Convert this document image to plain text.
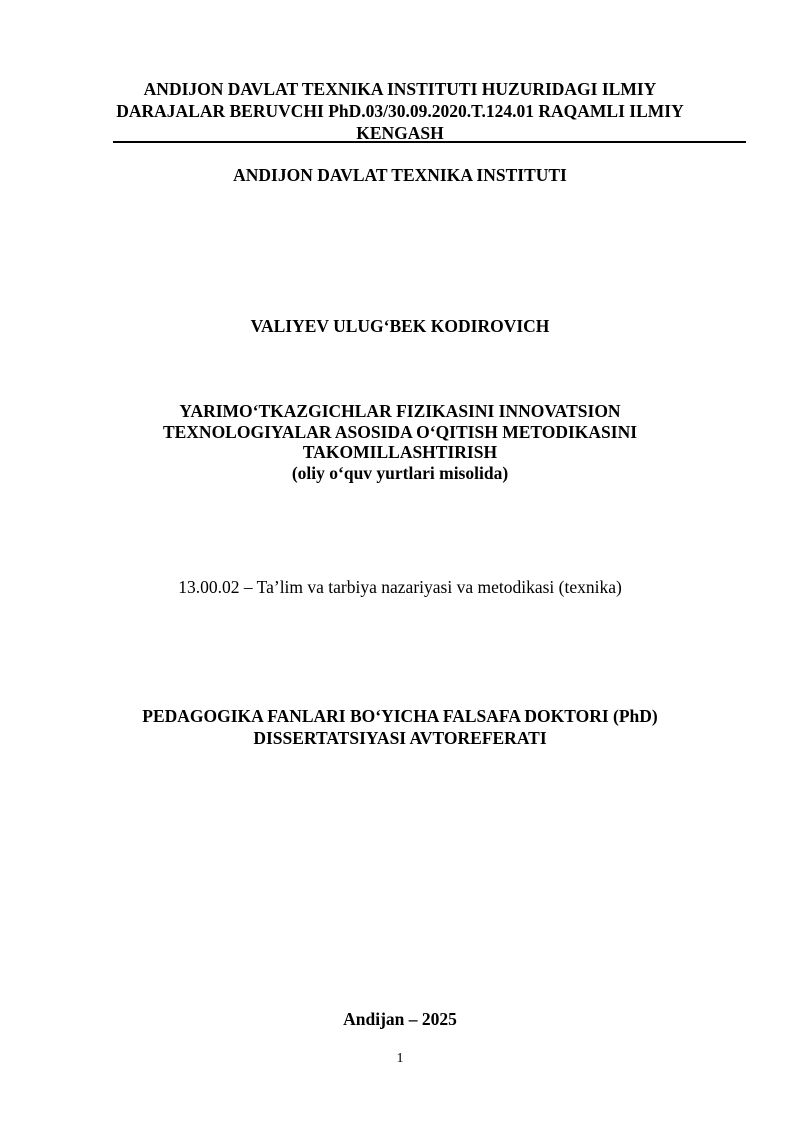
ANDIJON DAVLAT TEXNIKA INSTITUTI HUZURIDAGI ILMIY
DARAJALAR BERUVCHI PhD.03/30.09.2020.T.124.01 RAQAMLI ILMIY
KENGASH
ANDIJON DAVLAT TEXNIKA INSTITUTI
VALIYEV ULUG‘BEK KODIROVICH
YARIMO‘TKAZGICHLAR FIZIKASINI INNOVATSION
TEXNOLOGIYALAR ASOSIDA O‘QITISH METODIKASINI
TAKOMILLASHTIRISH
(oliy o‘quv yurtlari misolida)
13.00.02 – Ta’lim va tarbiya nazariyasi va metodikasi (texnika)
PEDAGOGIKA FANLARI BO‘YICHA FALSAFA DOKTORI (PhD)
DISSERTATSIYASI AVTOREFERATI
Andijan – 2025
1
